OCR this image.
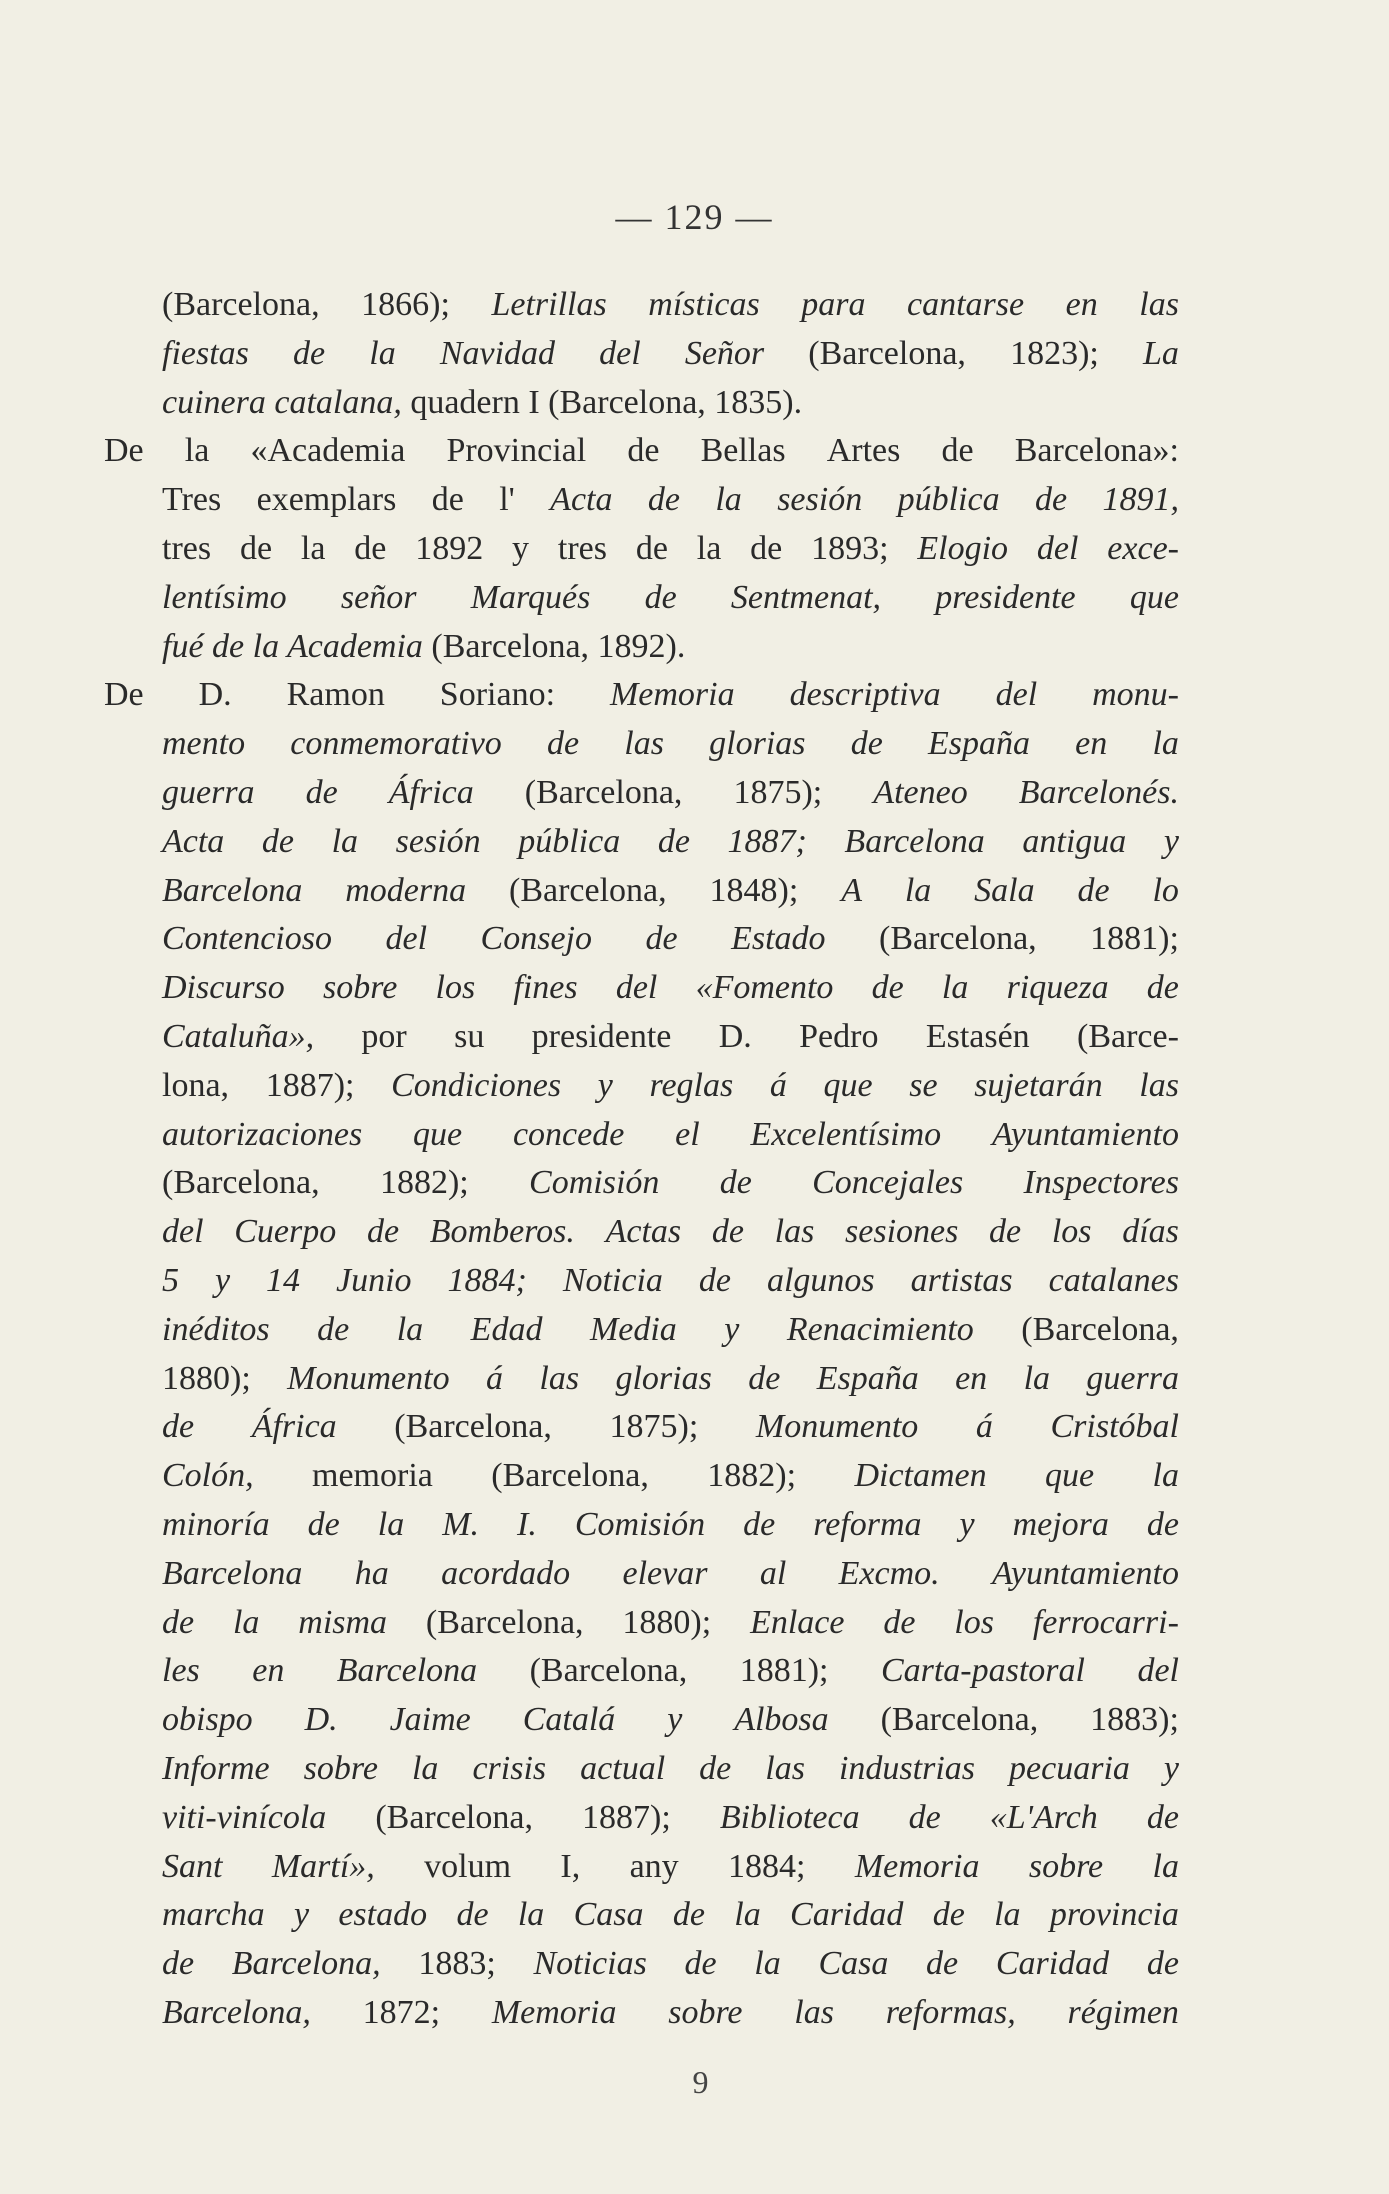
— 129 —
(Barcelona, 1866); Letrillas místicas para cantarse en las
fiestas de la Navidad del Señor (Barcelona, 1823); La
cuinera catalana, quadern I (Barcelona, 1835).
De la «Academia Provincial de Bellas Artes de Barcelona»:
Tres exemplars de l' Acta de la sesión pública de 1891,
tres de la de 1892 y tres de la de 1893; Elogio del exce-
lentísimo señor Marqués de Sentmenat, presidente que
fué de la Academia (Barcelona, 1892).
De D. Ramon Soriano: Memoria descriptiva del monu-
mento conmemorativo de las glorias de España en la
guerra de África (Barcelona, 1875); Ateneo Barcelonés.
Acta de la sesión pública de 1887; Barcelona antigua y
Barcelona moderna (Barcelona, 1848); A la Sala de lo
Contencioso del Consejo de Estado (Barcelona, 1881);
Discurso sobre los fines del «Fomento de la riqueza de
Cataluña», por su presidente D. Pedro Estasén (Barce-
lona, 1887); Condiciones y reglas á que se sujetarán las
autorizaciones que concede el Excelentísimo Ayuntamiento
(Barcelona, 1882); Comisión de Concejales Inspectores
del Cuerpo de Bomberos. Actas de las sesiones de los días
5 y 14 Junio 1884; Noticia de algunos artistas catalanes
inéditos de la Edad Media y Renacimiento (Barcelona,
1880); Monumento á las glorias de España en la guerra
de África (Barcelona, 1875); Monumento á Cristóbal
Colón, memoria (Barcelona, 1882); Dictamen que la
minoría de la M. I. Comisión de reforma y mejora de
Barcelona ha acordado elevar al Excmo. Ayuntamiento
de la misma (Barcelona, 1880); Enlace de los ferrocarri-
les en Barcelona (Barcelona, 1881); Carta-pastoral del
obispo D. Jaime Catalá y Albosa (Barcelona, 1883);
Informe sobre la crisis actual de las industrias pecuaria y
viti-vinícola (Barcelona, 1887); Biblioteca de «L'Arch de
Sant Martí», volum I, any 1884; Memoria sobre la
marcha y estado de la Casa de la Caridad de la provincia
de Barcelona, 1883; Noticias de la Casa de Caridad de
Barcelona, 1872; Memoria sobre las reformas, régimen
9
